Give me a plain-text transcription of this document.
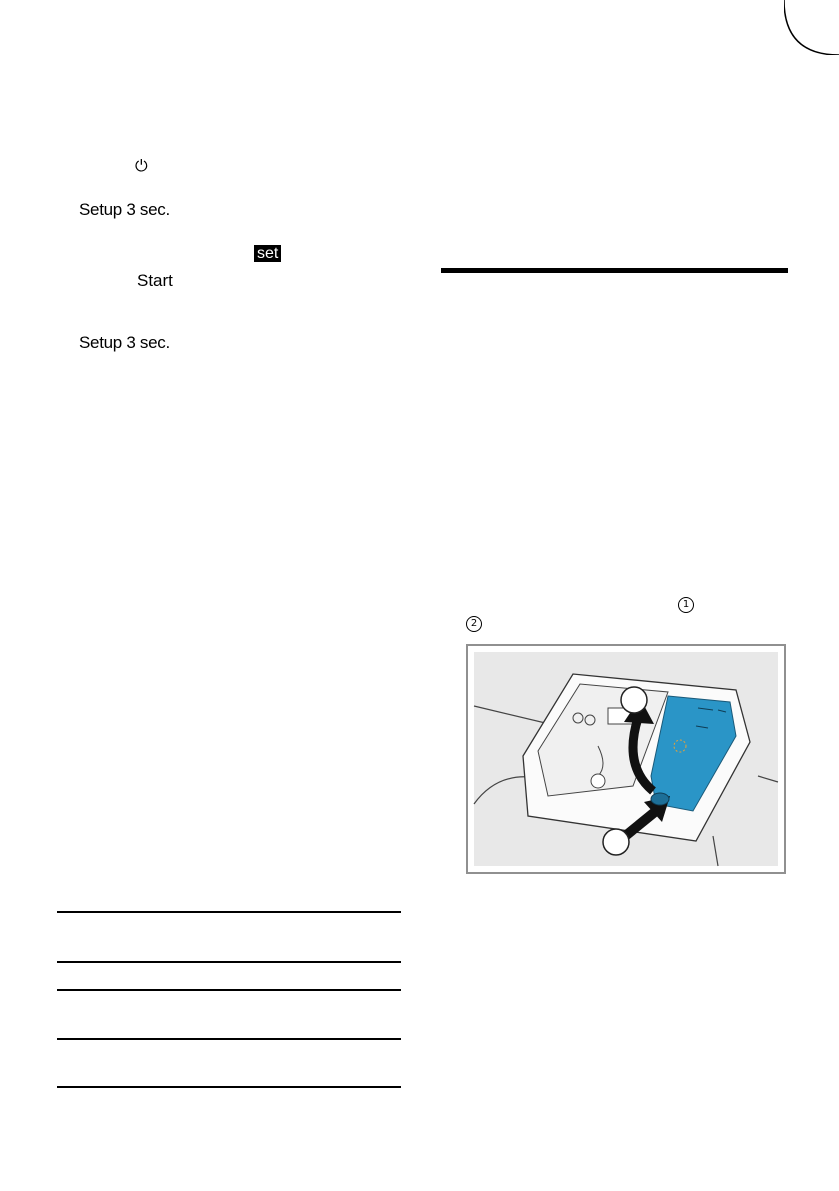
⏻
Setup 3 sec.
set
Start
Setup 3 sec.
1
2
